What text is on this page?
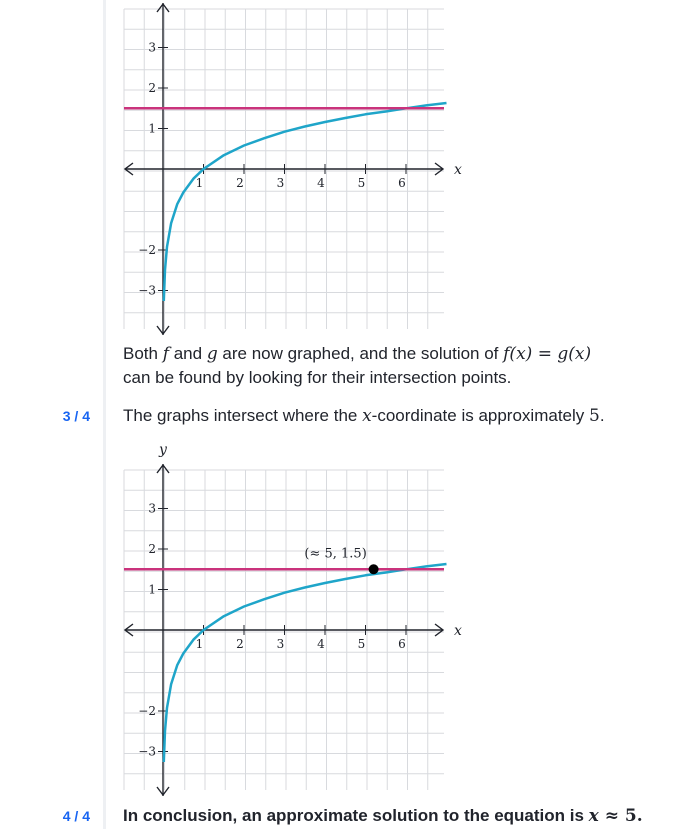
1	2	3	4	5	6
−3
−2
1
2
3
x
Both f and g are now graphed, and the solution of f(x) = g(x)
can be found by looking for their intersection points.
3 / 4 The graphs intersect where the x-coordinate is approximately 5.
1	2	3	4	5	6
−3
−2
1
2
3
x
y
(≈ 5, 1.5)
4 / 4 In conclusion, an approximate solution to the equation is x ≈ 5.
